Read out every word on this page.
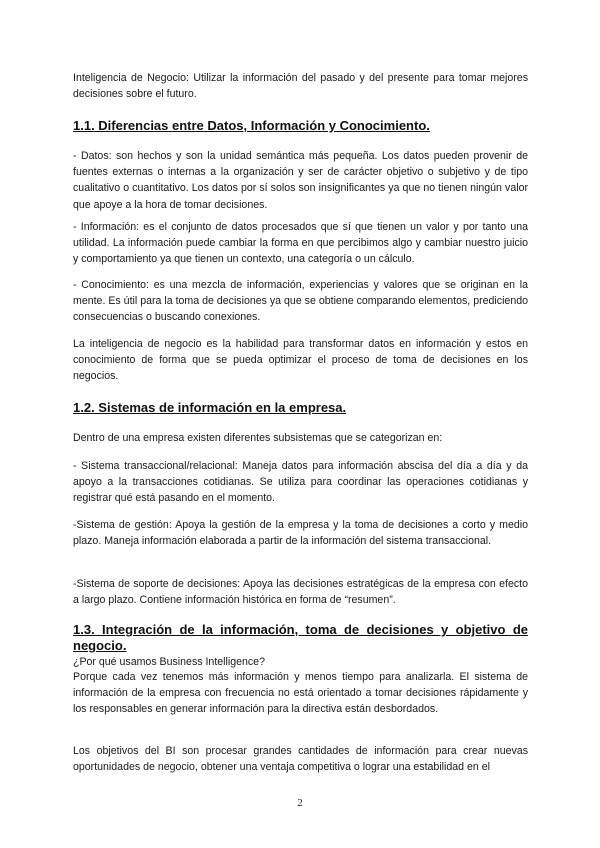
Inteligencia de Negocio: Utilizar la información del pasado y del presente para tomar mejores decisiones sobre el futuro.

1.1. Diferencias entre Datos, Información y Conocimiento.

- Datos: son hechos y son la unidad semántica más pequeña. Los datos pueden provenir de fuentes externas o internas a la organización y ser de carácter objetivo o subjetivo y de tipo cualitativo o cuantitativo. Los datos por sí solos son insignificantes ya que no tienen ningún valor que apoye a la hora de tomar decisiones.

- Información: es el conjunto de datos procesados que sí que tienen un valor y por tanto una utilidad. La información puede cambiar la forma en que percibimos algo y cambiar nuestro juicio y comportamiento ya que tienen un contexto, una categoría o un cálculo.

- Conocimiento: es una mezcla de información, experiencias y valores que se originan en la mente. Es útil para la toma de decisiones ya que se obtiene comparando elementos, prediciendo consecuencias o buscando conexiones.

La inteligencia de negocio es la habilidad para transformar datos en información y estos en conocimiento de forma que se pueda optimizar el proceso de toma de decisiones en los negocios.

1.2. Sistemas de información en la empresa.

Dentro de una empresa existen diferentes subsistemas que se categorizan en:

- Sistema transaccional/relacional: Maneja datos para información abscisa del día a día y da apoyo a la transacciones cotidianas. Se utiliza para coordinar las operaciones cotidianas y registrar qué está pasando en el momento.

-Sistema de gestión: Apoya la gestión de la empresa y la toma de decisiones a corto y medio plazo. Maneja información elaborada a partir de la información del sistema transaccional.

-Sistema de soporte de decisiones: Apoya las decisiones estratégicas de la empresa con efecto a largo plazo. Contiene información histórica en forma de “resumen”.

1.3. Integración de la información, toma de decisiones y objetivo de negocio.

¿Por qué usamos Business Intelligence?

Porque cada vez tenemos más información y menos tiempo para analizarla. El sistema de información de la empresa con frecuencia no está orientado a tomar decisiones rápidamente y los responsables en generar información para la directiva están desbordados.

Los objetivos del BI son procesar grandes cantidades de información para crear nuevas oportunidades de negocio, obtener una ventaja competitiva o lograr una estabilidad en el

2
